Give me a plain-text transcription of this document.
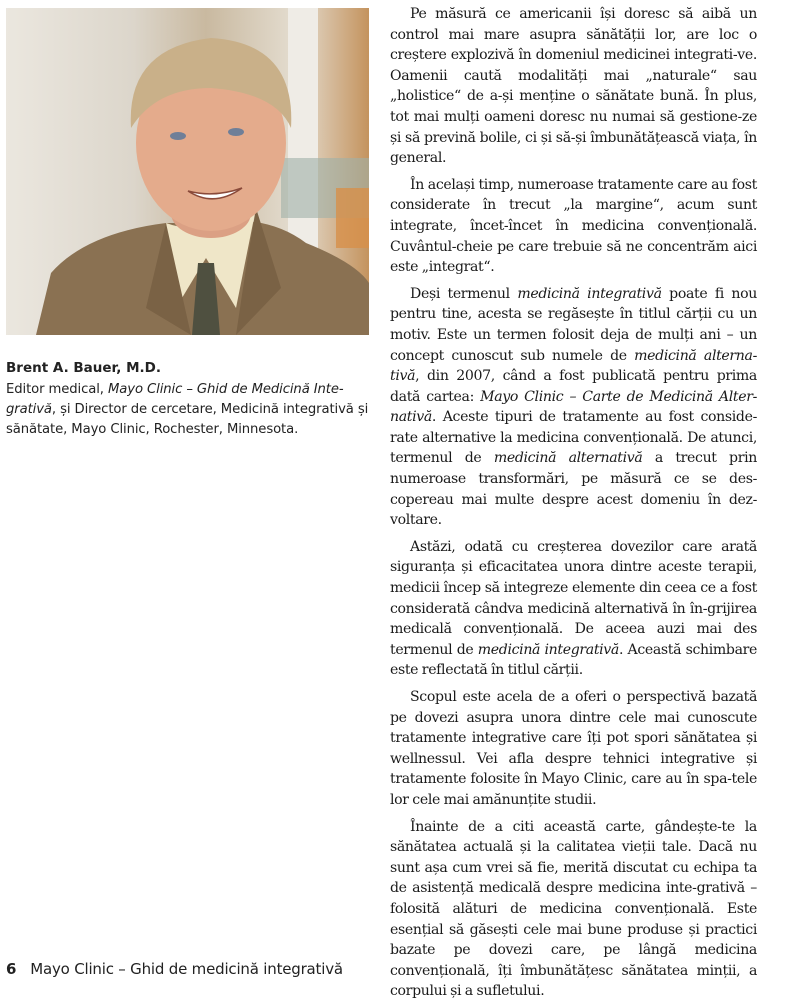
Brent A. Bauer, M.D.
Editor medical, Mayo Clinic – Ghid de Medicină Inte-grativă, și Director de cercetare, Medicină integrativă și sănătate, Mayo Clinic, Rochester, Minnesota.

Pe măsură ce americanii își doresc să aibă un control mai mare asupra sănătății lor, are loc o creștere explozivă în domeniul medicinei integrati-ve. Oamenii caută modalități mai „naturale“ sau „holistice“ de a-și menține o sănătate bună. În plus, tot mai mulți oameni doresc nu numai să gestione-ze și să prevină bolile, ci și să-și îmbunătățească viața, în general.

În același timp, numeroase tratamente care au fost considerate în trecut „la margine“, acum sunt integrate, încet-încet în medicina convențională. Cuvântul-cheie pe care trebuie să ne concentrăm aici este „integrat“.

Deși termenul medicină integrativă poate fi nou pentru tine, acesta se regăsește în titlul cărții cu un motiv. Este un termen folosit deja de mulți ani – un concept cunoscut sub numele de medicină alterna-tivă, din 2007, când a fost publicată pentru prima dată cartea: Mayo Clinic – Carte de Medicină Alter-nativă. Aceste tipuri de tratamente au fost conside-rate alternative la medicina convențională. De atunci, termenul de medicină alternativă a trecut prin numeroase transformări, pe măsură ce se des-copereau mai multe despre acest domeniu în dez-voltare.

Astăzi, odată cu creșterea dovezilor care arată siguranța și eficacitatea unora dintre aceste terapii, medicii încep să integreze elemente din ceea ce a fost considerată cândva medicină alternativă în în-grijirea medicală convențională. De aceea auzi mai des termenul de medicină integrativă. Această schimbare este reflectată în titlul cărții.

Scopul este acela de a oferi o perspectivă bazată pe dovezi asupra unora dintre cele mai cunoscute tratamente integrative care îți pot spori sănătatea și wellnessul. Vei afla despre tehnici integrative și tratamente folosite în Mayo Clinic, care au în spa-tele lor cele mai amănunțite studii.

Înainte de a citi această carte, gândește-te la sănătatea actuală și la calitatea vieții tale. Dacă nu sunt așa cum vrei să fie, merită discutat cu echipa ta de asistență medicală despre medicina inte-grativă – folosită alături de medicina convențională. Este esențial să găsești cele mai bune produse și practici bazate pe dovezi care, pe lângă medicina convențională, îți îmbunătățesc sănătatea minții, a corpului și a sufletului.

6 Mayo Clinic – Ghid de medicină integrativă
